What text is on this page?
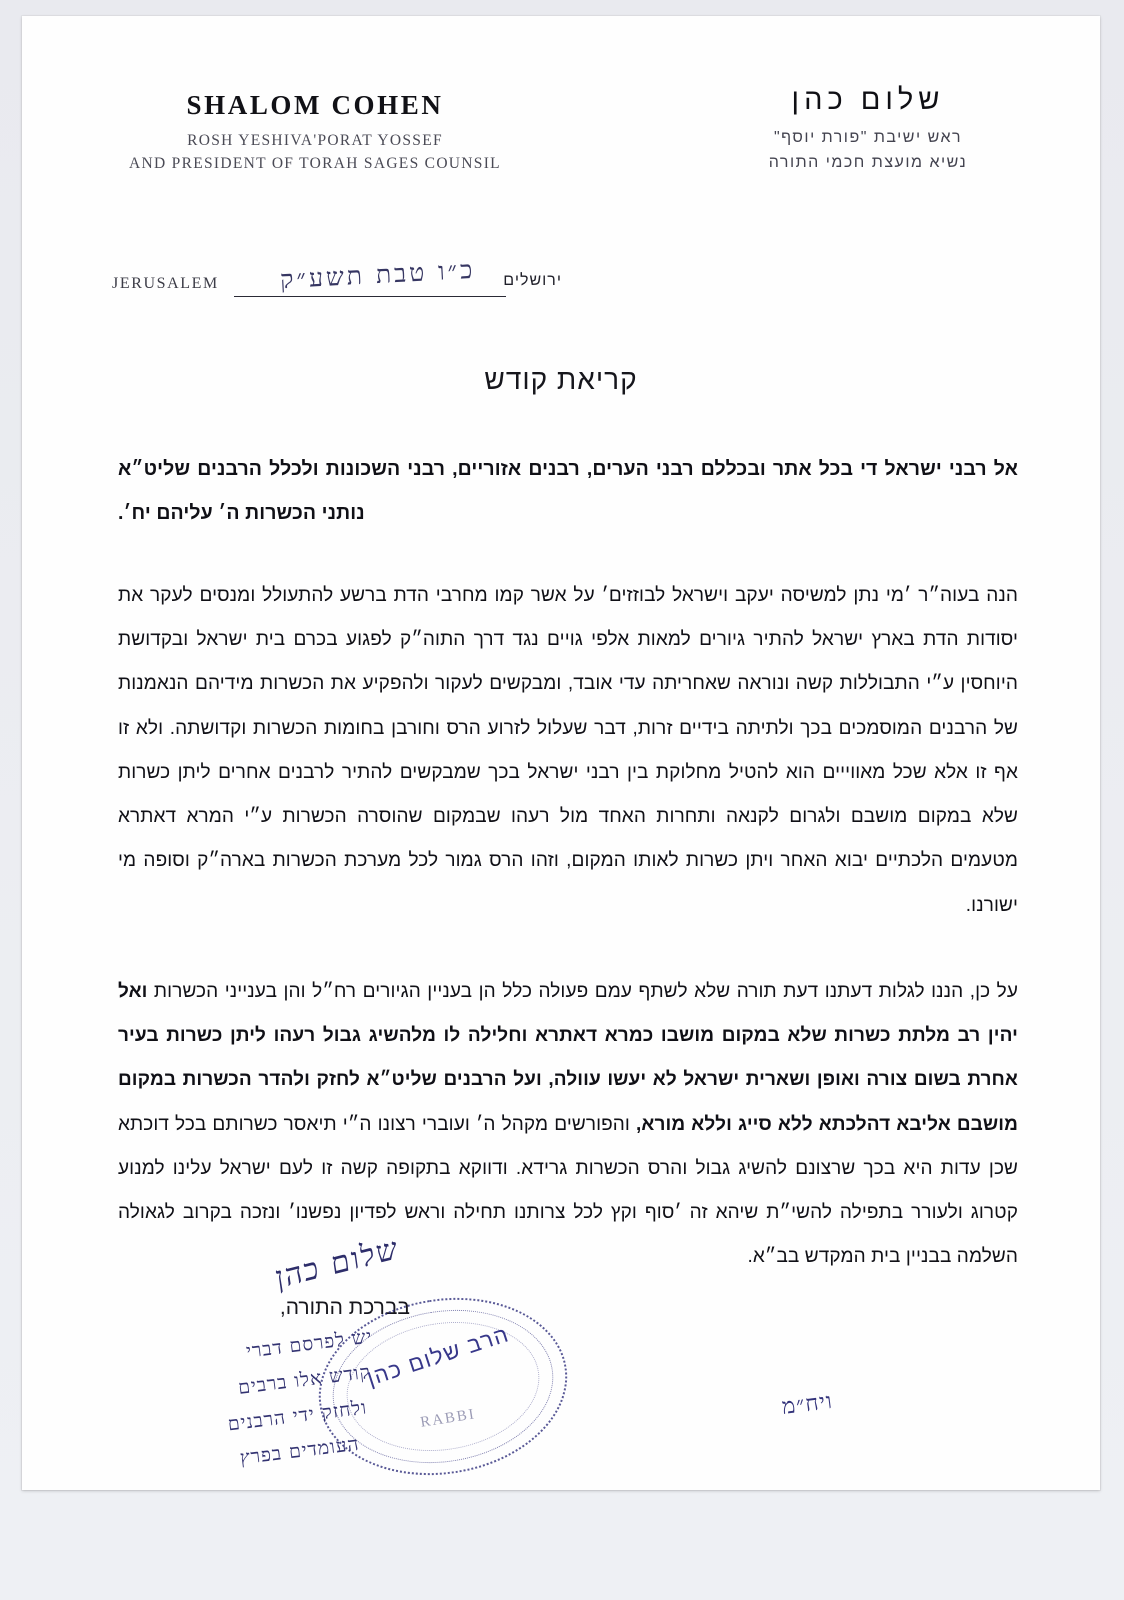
SHALOM COHEN
ROSH YESHIVA'PORAT YOSSEF
AND PRESIDENT OF TORAH SAGES COUNSIL
שלום כהן
ראש ישיבת "פורת יוסף"
נשיא מועצת חכמי התורה
JERUSALEM	ירושלים
כ״ו טבת תשע״ק
קריאת קודש
אל רבני ישראל די בכל אתר ובכללם רבני הערים, רבנים אזוריים, רבני השכונות ולכלל הרבנים שליט״א נותני הכשרות ה׳ עליהם יח׳.
הנה בעוה״ר ׳מי נתן למשיסה יעקב וישראל לבוזזים׳ על אשר קמו מחרבי הדת ברשע להתעולל ומנסים לעקר את יסודות הדת בארץ ישראל להתיר גיורים למאות אלפי גויים נגד דרך התוה״ק לפגוע בכרם בית ישראל ובקדושת היוחסין ע״י התבוללות קשה ונוראה שאחריתה עדי אובד, ומבקשים לעקור ולהפקיע את הכשרות מידיהם הנאמנות של הרבנים המוסמכים בכך ולתיתה בידיים זרות, דבר שעלול לזרוע הרס וחורבן בחומות הכשרות וקדושתה. ולא זו אף זו אלא שכל מאווייים הוא להטיל מחלוקת בין רבני ישראל בכך שמבקשים להתיר לרבנים אחרים ליתן כשרות שלא במקום מושבם ולגרום לקנאה ותחרות האחד מול רעהו שבמקום שהוסרה הכשרות ע״י המרא דאתרא מטעמים הלכתיים יבוא האחר ויתן כשרות לאותו המקום, וזהו הרס גמור לכל מערכת הכשרות בארה״ק וסופה מי ישורנו.
על כן, הננו לגלות דעתנו דעת תורה שלא לשתף עמם פעולה כלל הן בעניין הגיורים רח״ל והן בענייני הכשרות ואל יהין רב מלתת כשרות שלא במקום מושבו כמרא דאתרא וחלילה לו מלהשיג גבול רעהו ליתן כשרות בעיר אחרת בשום צורה ואופן ושארית ישראל לא יעשו עוולה, ועל הרבנים שליט״א לחזק ולהדר הכשרות במקום מושבם אליבא דהלכתא ללא סייג וללא מורא, והפורשים מקהל ה׳ ועוברי רצונו ה״י תיאסר כשרותם בכל דוכתא שכן עדות היא בכך שרצונם להשיג גבול והרס הכשרות גרידא. ודווקא בתקופה קשה זו לעם ישראל עלינו למנוע קטרוג ולעורר בתפילה להשי״ת שיהא זה ׳סוף וקץ לכל צרותנו תחילה וראש לפדיון נפשנו׳ ונזכה בקרוב לגאולה השלמה בבניין בית המקדש בב״א.
שלום כהן
בברכת התורה,
הרב שלום כהן
RABBI
יש לפרסם דברי
קודש אלו ברבים
ולחזק ידי הרבנים
העומדים בפרץ
ויח״מ
